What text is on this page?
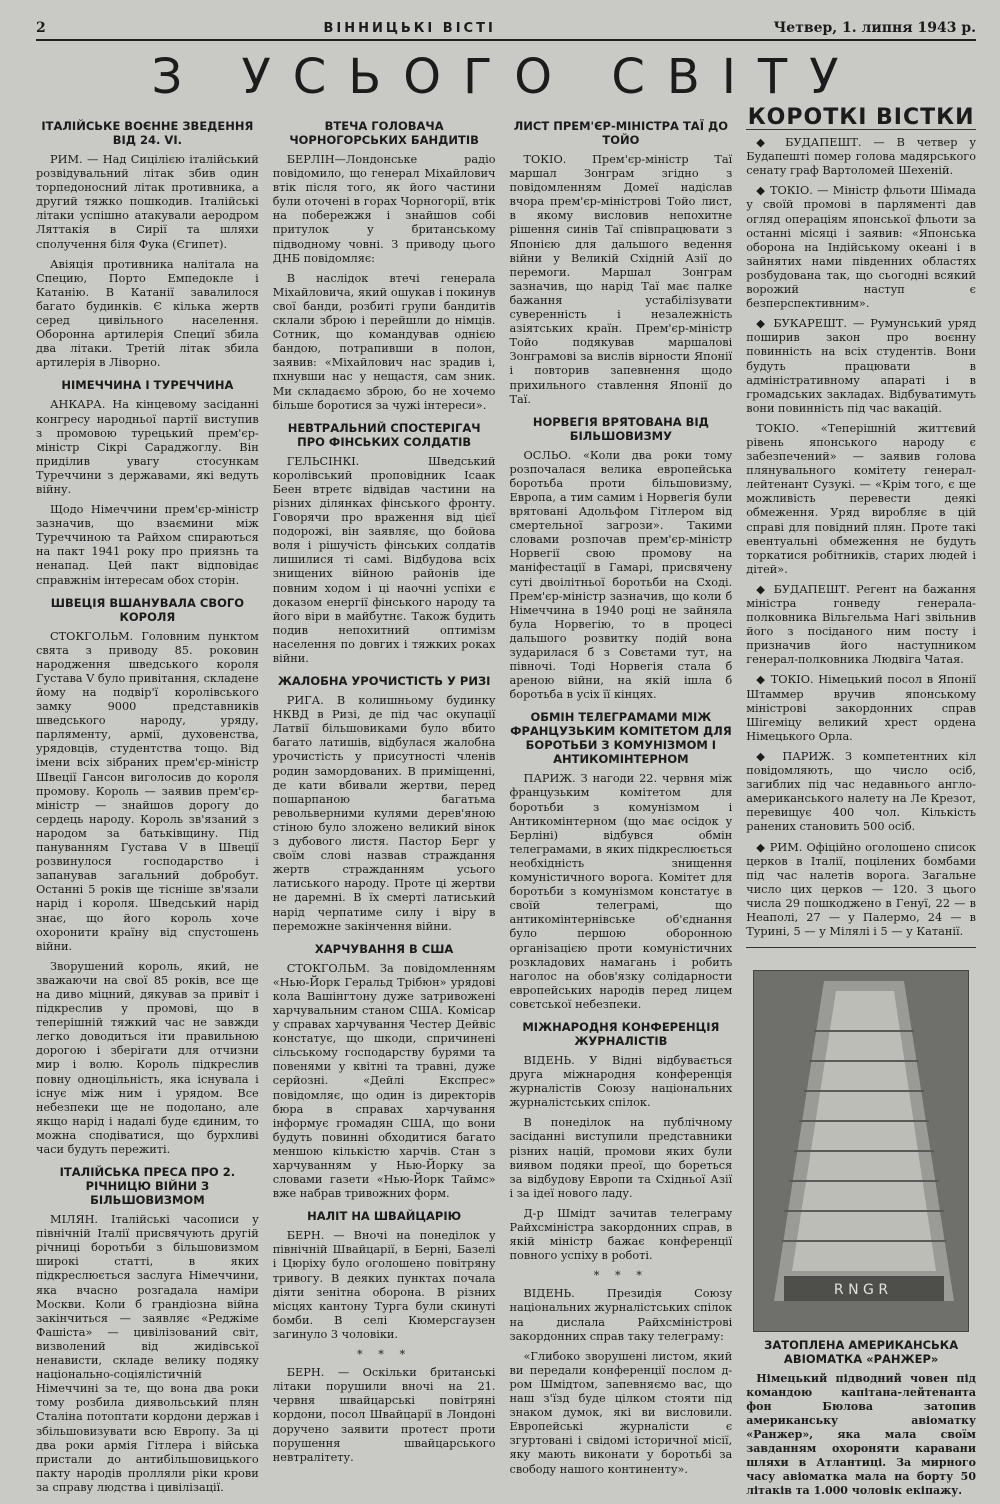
2	ВІННИЦЬКІ ВІСТІ	Четвер, 1. липня 1943 р.
З УСЬОГО СВІТУ
ІТАЛІЙСЬКЕ ВОЄННЕ ЗВЕДЕННЯ ВІД 24. VІ.

РИМ. — Над Сицілією італійський розвідувальний літак збив один торпедоносний літак противника, а другий тяжко пошкодив. Італійські літаки успішно атакували аеродром Ляттакія в Сирії та шляхи сполучення біля Фука (Єгипет).

Авіяція противника налітала на Специю, Порто Емпедокле і Катанію. В Катанії завалилося багато будинків. Є кілька жертв серед цивільного населення. Оборонна артилерія Специї збила два літаки. Третій літак збила артилерія в Ліворно.

НІМЕЧЧИНА І ТУРЕЧЧИНА

АНКАРА. На кінцевому засіданні конгресу народньої партії виступив з промовою турецький прем'єр-міністр Сікрі Сараджоглу. Він приділив увагу стосункам Туреччини з державами, які ведуть війну.

Щодо Німеччини прем'єр-міністр зазначив, що взаємини між Туреччиною та Райхом спираються на пакт 1941 року про приязнь та ненапад. Цей пакт відповідає справжнім інтересам обох сторін.

ШВЕЦІЯ ВШАНУВАЛА СВОГО КОРОЛЯ

СТОКГОЛЬМ. Головним пунктом свята з приводу 85. роковин народження шведського короля Густава V було привітання, складене йому на подвір'ї королівського замку 9000 представників шведського народу, уряду, парляменту, армії, духовенства, урядовців, студентства тощо. Від імени всіх зібраних прем'єр-міністр Швеції Гансон виголосив до короля промову. Король — заявив прем'єр-міністр — знайшов дорогу до сердець народу. Король зв'язаний з народом за батьківщину. Під пануванням Густава V в Швеції розвинулося господарство і запанував загальний добробут. Останні 5 років ще тісніше зв'язали нарід і короля. Шведський нарід знає, що його король хоче охоронити країну від спустошень війни.

Зворушений король, який, не зважаючи на свої 85 років, все ще на диво міцний, дякував за привіт і підкреслив у промові, що в теперішній тяжкий час не завжди легко доводиться іти правильною дорогою і зберігати для отчизни мир і волю. Король підкреслив повну одноцільність, яка існувала і існує між ним і урядом. Все небезпеки ще не подолано, але якщо нарід і надалі буде єдиним, то можна сподіватися, що бурхливі часи будуть пережиті.

ІТАЛІЙСЬКА ПРЕСА ПРО 2. РІЧНИЦЮ ВІЙНИ З БІЛЬШОВИЗМОМ

МІЛЯН. Італійські часописи у північній Італії присвячують другій річниці боротьби з більшовизмом широкі статті, в яких підкреслюється заслуга Німеччини, яка вчасно розгадала наміри Москви. Коли б грандіозна війна закінчиться — заявляє «Реджіме Фашіста» — цивілізований світ, визволений від жидівської ненависти, складе велику подяку національно-соціялістичній Німеччині за те, що вона два роки тому розбила диявольський плян Сталіна потоптати кордони держав і збільшовизувати всю Европу. За ці два роки армія Гітлера і війська пристали до антибільшовицького пакту народів пролляли ріки крови за справу людства і цивілізації.

ВТЕЧА ГОЛОВАЧА ЧОРНОГОРСЬКИХ БАНДИТІВ

БЕРЛІН—Лондонське радіо повідомило, що генерал Міхайлович втік після того, як його частини були оточені в горах Чорногорії, втік на побережжя і знайшов собі притулок у британському підводному човні. З приводу цього ДНБ повідомляє:

В наслідок втечі генерала Міхайловича, який ошукав і покинув свої банди, розбиті групи бандитів склали зброю і перейшли до німців. Сотник, що командував однією бандою, потрапивши в полон, заявив: «Міхайлович нас зрадив і, пхнувши нас у нещастя, сам зник. Ми складаємо зброю, бо не хочемо більше боротися за чужі інтереси».

НЕВТРАЛЬНИЙ СПОСТЕРІГАЧ ПРО ФІНСЬКИХ СОЛДАТІВ

ГЕЛЬСІНКІ. Шведський королівський проповідник Ісаак Беен втретє відвідав частини на різних ділянках фінського фронту. Говорячи про враження від цієї подорожі, він заявляє, що бойова воля і рішучість фінських солдатів лишилися ті самі. Відбудова всіх знищених війною районів іде повним ходом і ці наочні успіхи є доказом енергії фінського народу та його віри в майбутнє. Також будить подив непохитний оптимізм населення по довгих і тяжких роках війни.

ЖАЛОБНА УРОЧИСТІСТЬ У РИЗІ

РИГА. В колишньому будинку НКВД в Ризі, де під час окупації Латвії більшовиками було вбито багато латишів, відбулася жалобна урочистість у присутності членів родин замордованих. В приміщенні, де кати вбивали жертви, перед пошарпаною багатьма револьверними кулями дерев'яною стіною було зложено великий вінок з дубового листя. Пастор Берг у своїм слові назвав страждання жертв стражданням усього латиського народу. Проте ці жертви не даремні. В їх смерті латиський нарід черпатиме силу і віру в переможне закінчення війни.

ХАРЧУВАННЯ В США

СТОКГОЛЬМ. За повідомленням «Нью-Йорк Геральд Трібюн» урядові кола Вашінгтону дуже затривожені харчувальним станом США. Комісар у справах харчування Честер Дейвіс констатує, що шкоди, спричинені сільському господарству бурями та повенями у квітні та травні, дуже серйозні. «Дейлі Експрес» повідомляє, що один із директорів бюра в справах харчування інформує громадян США, що вони будуть повинні обходитися багато меншою кількістю харчів. Стан з харчуванням у Нью-Йорку за словами газети «Нью-Йорк Таймс» вже набрав тривожних форм.

НАЛІТ НА ШВАЙЦАРІЮ

БЕРН. — Вночі на понеділок у північній Швайцарії, в Берні, Базелі і Цюріху було оголошено повітряну тривогу. В деяких пунктах почала діяти зенітна оборона. В різних місцях кантону Турга були скинуті бомби. В селі Кюмерсгаузен загинуло 3 чоловіки.

* * *

БЕРН. — Оскільки британські літаки порушили вночі на 21. червня швайцарські повітряні кордони, посол Швайцарії в Лондоні доручено заявити протест проти порушення швайцарського невтралітету.

ЛИСТ ПРЕМ'ЄР-МІНІСТРА ТАЇ ДО ТОЙО

ТОКІО. Прем'єр-міністр Таї маршал Зонграм згідно з повідомленням Домеї надіслав вчора прем'єр-міністрові Тойо лист, в якому висловив непохитне рішення синів Таї співпрацювати з Японією для дальшого ведення війни у Великій Східній Азії до перемоги. Маршал Зонграм зазначив, що нарід Таї має палке бажання устабілізувати суверенність і незалежність азіятських країн. Прем'єр-міністр Тойо подякував маршалові Зонграмові за вислів вірности Японії і повторив запевнення щодо прихильного ставлення Японії до Таї.

НОРВЕГІЯ ВРЯТОВАНА ВІД БІЛЬШОВИЗМУ

ОСЛЬО. «Коли два роки тому розпочалася велика европейська боротьба проти більшовизму, Европа, а тим самим і Норвегія були врятовані Адольфом Гітлером від смертельної загрози». Такими словами розпочав прем'єр-міністр Норвегії свою промову на маніфестації в Гамарі, присвячену суті двоілітньої боротьби на Сході. Прем'єр-міністр зазначив, що коли б Німеччина в 1940 році не зайняла була Норвегію, то в процесі дальшого розвитку подій вона зударилася б з Совєтами тут, на півночі. Тоді Норвегія стала б ареною війни, на якій ішла б боротьба в усіх її кінцях.

ОБМІН ТЕЛЕГРАМАМИ МІЖ ФРАНЦУЗЬКИМ КОМІТЕТОМ ДЛЯ БОРОТЬБИ З КОМУНІЗМОМ І АНТИКОМІНТЕРНОМ

ПАРИЖ. З нагоди 22. червня між французьким комітетом для боротьби з комунізмом і Антикомінтерном (що має осідок у Берліні) відбувся обмін телеграмами, в яких підкреслюється необхідність знищення комуністичного ворога. Комітет для боротьби з комунізмом констатує в своїй телеграмі, що антикомінтернівське об'єднання було першою оборонною організацією проти комуністичних розкладових намагань і робить наголос на обов'язку солідарности европейських народів перед лицем совєтської небезпеки.

МІЖНАРОДНЯ КОНФЕРЕНЦІЯ ЖУРНАЛІСТІВ

ВІДЕНЬ. У Відні відбувається друга міжнародня конференція журналістів Союзу національних журналістських спілок.

В понеділок на публічному засіданні виступили представники різних націй, промови яких були виявом подяки преої, що бореться за відбудову Европи та Східньої Азії і за ідеї нового ладу.

Д-р Шмідт зачитав телеграму Райхсміністра закордонних справ, в якій міністр бажає конференції повного успіху в роботі.

* * *

ВІДЕНЬ. Президія Союзу національних журналістських спілок на дислала Райхсміністрові закордонних справ таку телеграму:

«Глибоко зворушені листом, який ви передали конференції послом д-ром Шмідтом, запевняємо вас, що наш з'їзд буде цілком стояти під знаком думок, які ви висловили. Европейські журналісти є згуртовані і свідомі історичної місії, яку мають виконати у боротьбі за свободу нашого континенту».

КОРОТКІ ВІСТКИ

◆ БУДАПЕШТ. — В четвер у Будапешті помер голова мадярського сенату граф Вартоломей Шехеній.

◆ ТОКІО. — Міністр фльоти Шімада у своїй промові в парляменті дав огляд операціям японської фльоти за останні місяці і заявив: «Японська оборона на Індійському океані і в зайнятих нами південних областях розбудована так, що сьогодні всякий ворожий наступ є безперспективним».

◆ БУКАРЕШТ. — Румунський уряд поширив закон про воєнну повинність на всіх студентів. Вони будуть працювати в адміністративному апараті і в громадських закладах. Відбуватимуть вони повинність під час вакацій.

ТОКІО. «Теперішній життєвий рівень японського народу є забезпечений» — заявив голова плянувального комітету генерал-лейтенант Сузукі. — «Крім того, є ще можливість перевести деякі обмеження. Уряд виробляє в цій справі для повідний плян. Проте такі евентуальні обмеження не будуть торкатися робітників, старих людей і дітей».

◆ БУДАПЕШТ. Регент на бажання міністра гонведу генерала-полковника Вільгельма Нагі звільнив його з посіданого ним посту і призначив його наступником генерал-полковника Людвіга Чатая.

◆ ТОКІО. Німецький посол в Японії Штаммер вручив японському міністрові закордонних справ Шігеміцу великий хрест ордена Німецького Орла.

◆ ПАРИЖ. З компетентних кіл повідомляють, що число осіб, загиблих під час недавнього англо-американського налету на Ле Крезот, перевищує 400 чол. Кількість ранених становить 500 осіб.

◆ РИМ. Офіційно оголошено список церков в Італії, поцілених бомбами під час налетів ворога. Загальне число цих церков — 120. З цього числа 29 пошкоджено в Генуї, 22 — в Неаполі, 27 — у Палермо, 24 — в Турині, 5 — у Мілялі і 5 — у Катанії.

R N G R
ЗАТОПЛЕНА АМЕРИКАНСЬКА АВІОМАТКА «РАНЖЕР»

Німецький підводний човен під командою капітана-лейтенанта фон Бюлова затопив американську авіоматку «Ранжер», яка мала своїм завданням охороняти каравани шляхи в Атлантиці. За мирного часу авіоматка мала на борту 50 літаків та 1.000 чоловік екіпажу.
